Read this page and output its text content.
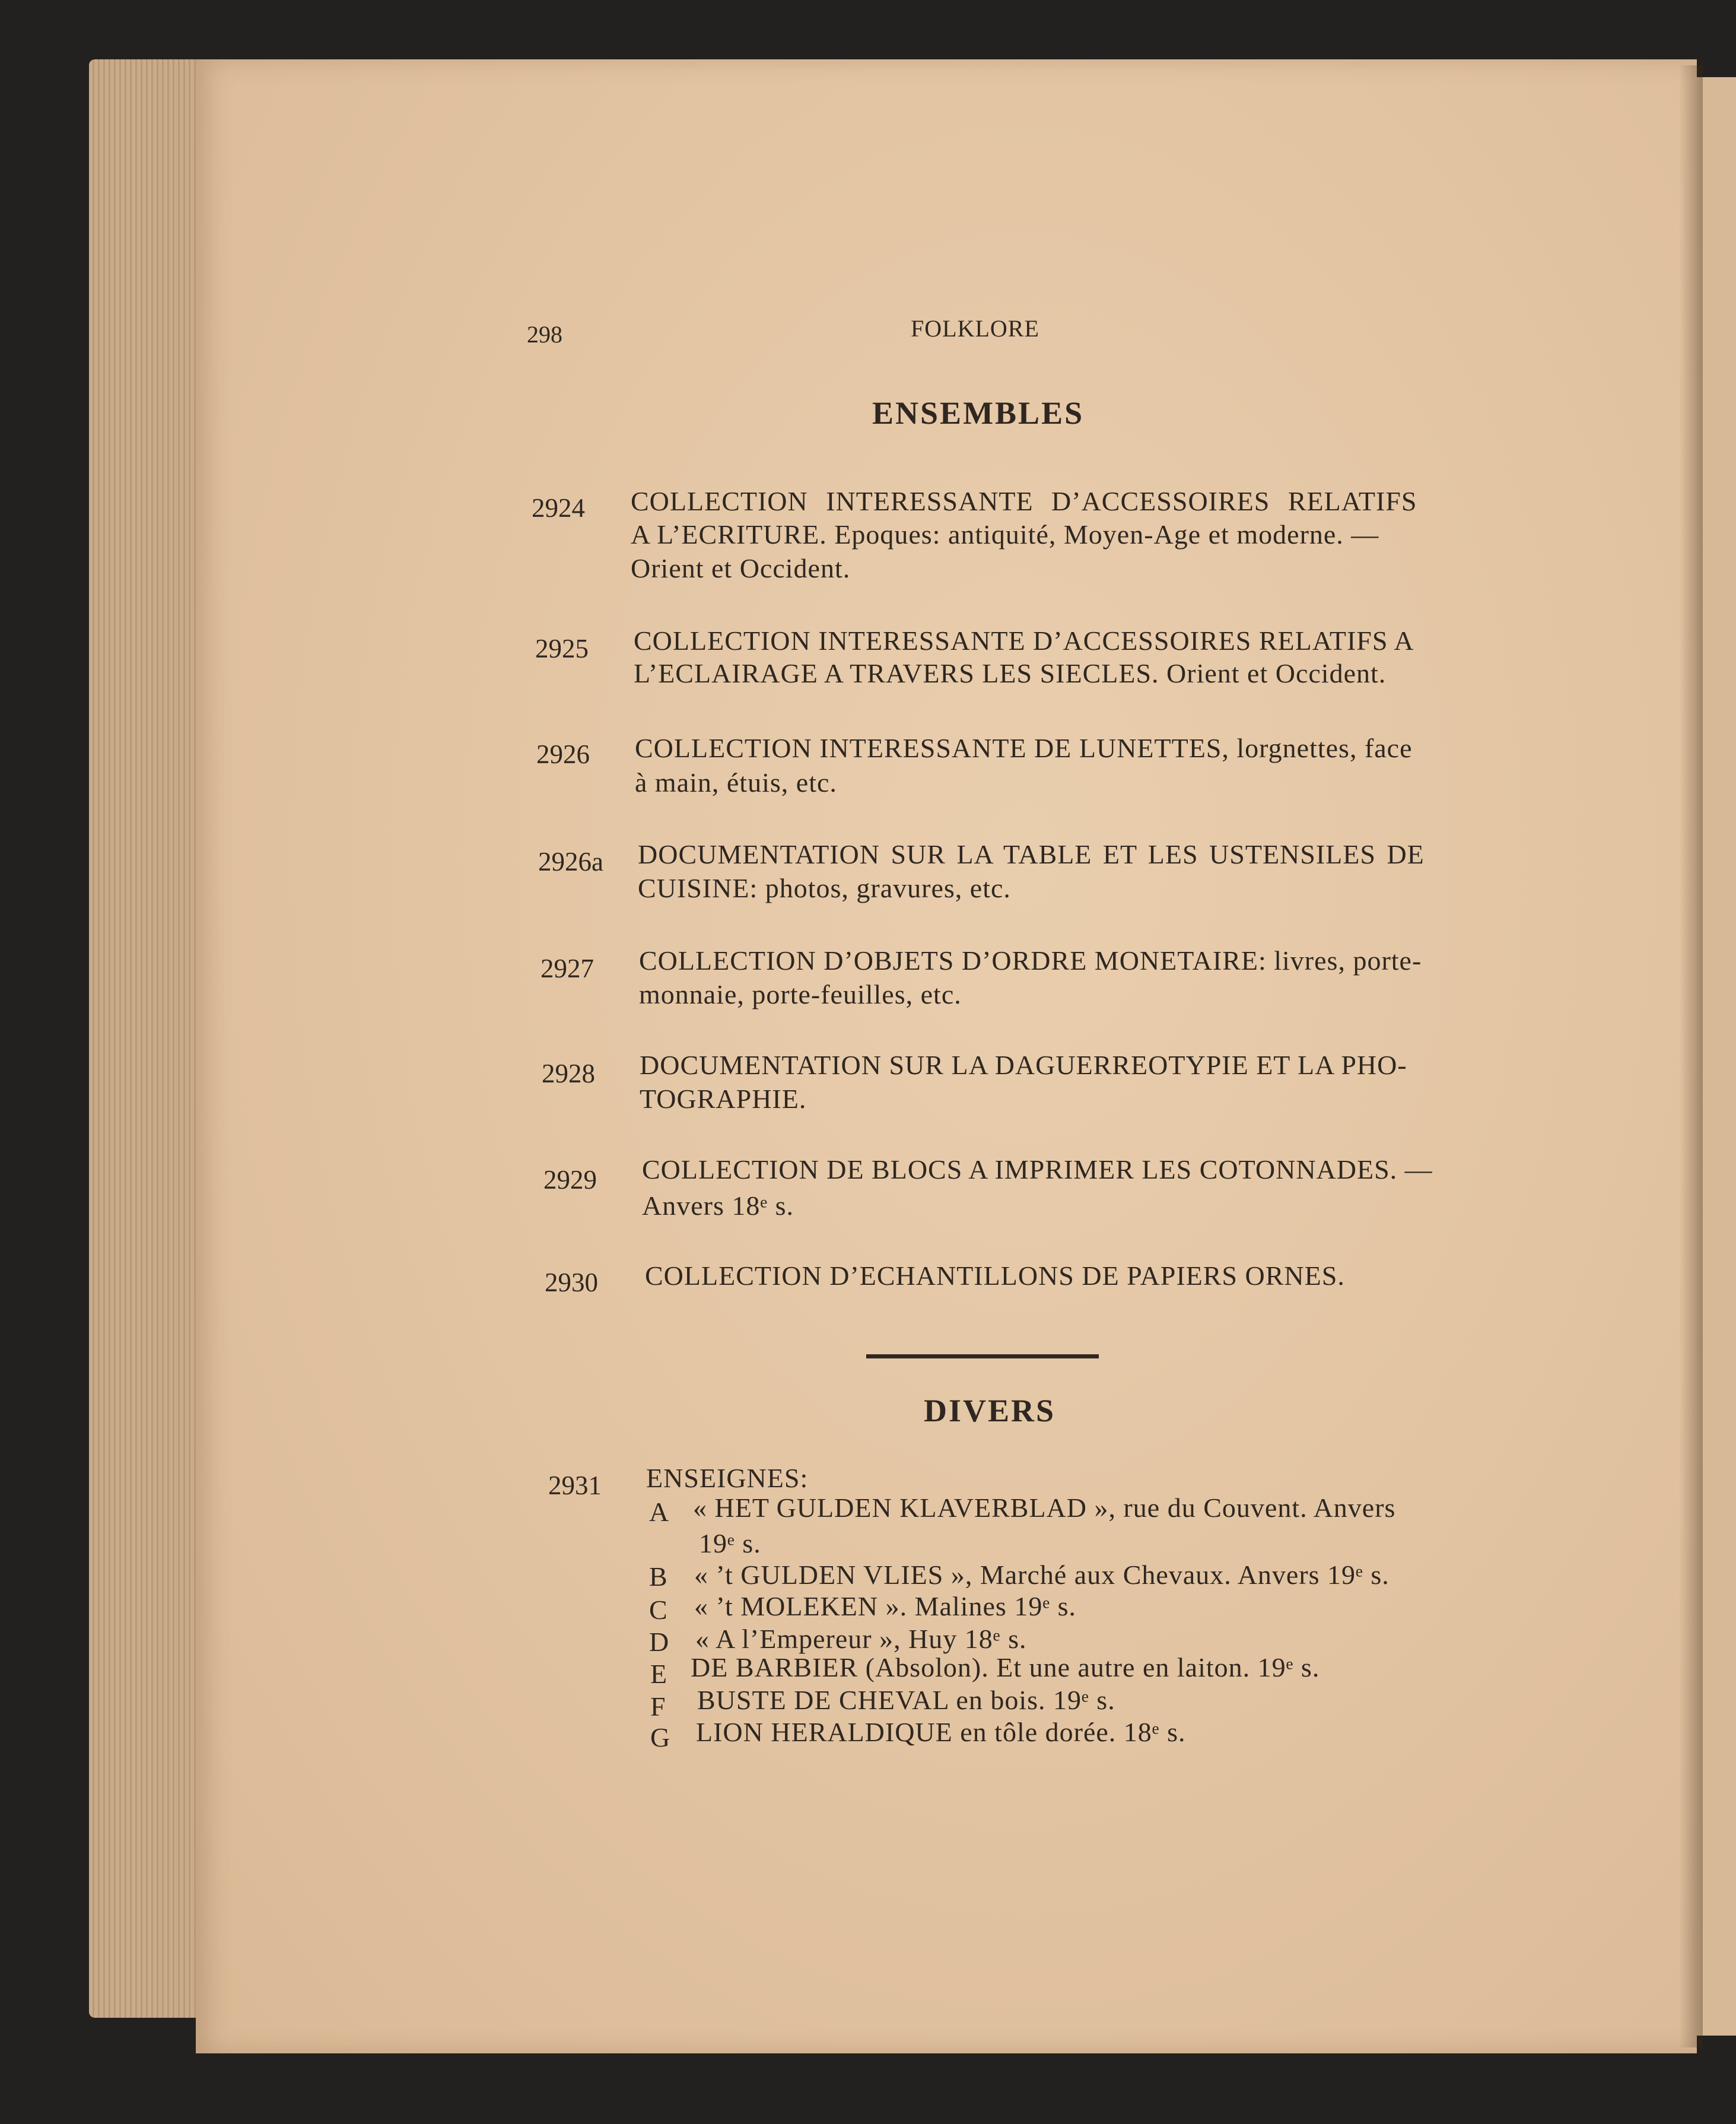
298	FOLKLORE
ENSEMBLES
2924 COLLECTION INTERESSANTE D’ACCESSOIRES RELATIFS
A L’ECRITURE. Epoques: antiquité, Moyen-Age et moderne. —
Orient et Occident.
2925 COLLECTION INTERESSANTE D’ACCESSOIRES RELATIFS A
L’ECLAIRAGE A TRAVERS LES SIECLES. Orient et Occident.
2926 COLLECTION INTERESSANTE DE LUNETTES, lorgnettes, face
à main, étuis, etc.
2926a DOCUMENTATION SUR LA TABLE ET LES USTENSILES DE
CUISINE: photos, gravures, etc.
2927 COLLECTION D’OBJETS D’ORDRE MONETAIRE: livres, porte-
monnaie, porte-feuilles, etc.
2928 DOCUMENTATION SUR LA DAGUERREOTYPIE ET LA PHO-
TOGRAPHIE.
2929 COLLECTION DE BLOCS A IMPRIMER LES COTONNADES. —
Anvers 18ᵉ s.
2930 COLLECTION D’ECHANTILLONS DE PAPIERS ORNES.
DIVERS
2931 ENSEIGNES:
A « HET GULDEN KLAVERBLAD », rue du Couvent. Anvers
19ᵉ s.
B « ’t GULDEN VLIES », Marché aux Chevaux. Anvers 19ᵉ s.
C « ’t MOLEKEN ». Malines 19ᵉ s.
D « A l’Empereur », Huy 18ᵉ s.
E DE BARBIER (Absolon). Et une autre en laiton. 19ᵉ s.
F BUSTE DE CHEVAL en bois. 19ᵉ s.
G LION HERALDIQUE en tôle dorée. 18ᵉ s.
